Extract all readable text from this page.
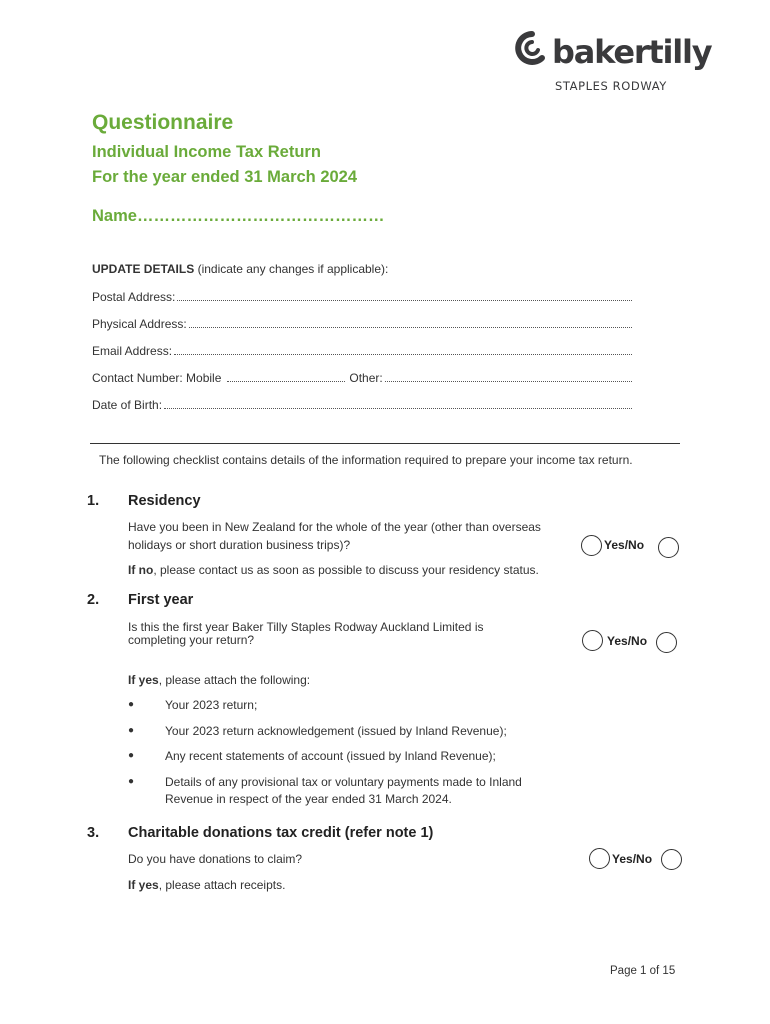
bakertilly
STAPLES RODWAY
Questionnaire
Individual Income Tax Return
For the year ended 31 March 2024
Name………………………………………
UPDATE DETAILS (indicate any changes if applicable):
Postal Address:
Physical Address:
Email Address:
Contact Number: Mobile	Other:
Date of Birth:
The following checklist contains details of the information required to prepare your income tax return.
1. Residency
Have you been in New Zealand for the whole of the year (other than overseas
holidays or short duration business trips)?	Yes/No
If no, please contact us as soon as possible to discuss your residency status.
2. First year
Is this the first year Baker Tilly Staples Rodway Auckland Limited is
completing your return?	Yes/No
If yes, please attach the following:
●	Your 2023 return;
●	Your 2023 return acknowledgement (issued by Inland Revenue);
●	Any recent statements of account (issued by Inland Revenue);
●	Details of any provisional tax or voluntary payments made to Inland
Revenue in respect of the year ended 31 March 2024.
3. Charitable donations tax credit (refer note 1)
Do you have donations to claim?	Yes/No
If yes, please attach receipts.
Page 1 of 15
